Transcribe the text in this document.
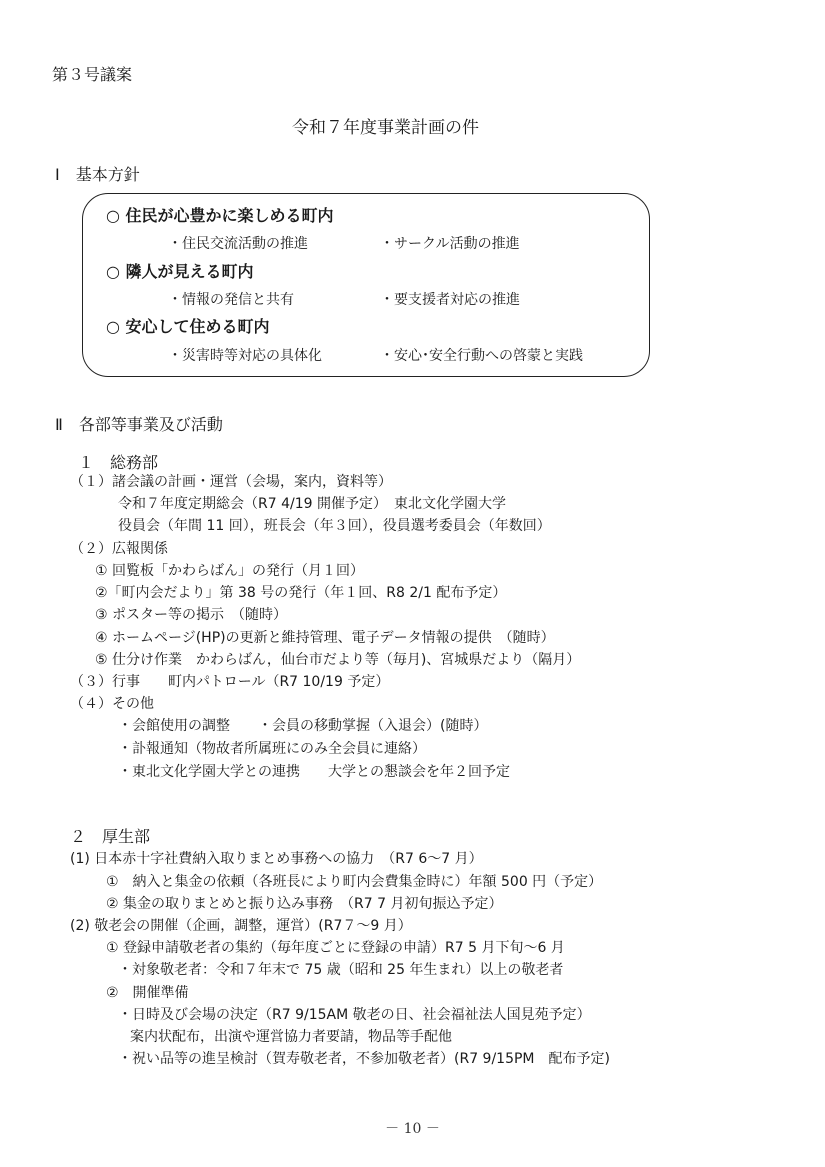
第３号議案
令和７年度事業計画の件
Ⅰ　基本方針
○ 住民が心豊かに楽しめる町内
・住民交流活動の推進	・サークル活動の推進
○ 隣人が見える町内
・情報の発信と共有	・要支援者対応の推進
○ 安心して住める町内
・災害時等対応の具体化	・安心･安全行動への啓蒙と実践
Ⅱ　各部等事業及び活動
１　総務部
（１）諸会議の計画・運営（会場，案内，資料等）
令和７年度定期総会（R7 4/19 開催予定）　東北文化学園大学
役員会（年間 11 回），班長会（年３回），役員選考委員会（年数回）
（２）広報関係
① 回覧板「かわらばん」の発行（月１回）
②「町内会だより」第 38 号の発行（年１回、R8 2/1 配布予定）
③ ポスター等の掲示　（随時）
④ ホームページ(HP)の更新と維持管理、電子データ情報の提供　（随時）
⑤ 仕分け作業　かわらばん，仙台市だより等（毎月)、宮城県だより（隔月）
（３）行事　　町内パトロール（R7 10/19 予定）
（４）その他
・会館使用の調整　　・会員の移動掌握（入退会）(随時）
・訃報通知（物故者所属班にのみ全会員に連絡）
・東北文化学園大学との連携　　大学との懇談会を年２回予定
２　厚生部
(1) 日本赤十字社費納入取りまとめ事務への協力　（R7 6～7 月）
①　納入と集金の依頼（各班長により町内会費集金時に）年額 500 円（予定）
② 集金の取りまとめと振り込み事務　（R7 7 月初旬振込予定）
(2) 敬老会の開催（企画，調整，運営）(R7７～9 月）
① 登録申請敬老者の集約（毎年度ごとに登録の申請）R7 5 月下旬～6 月
・対象敬老者：令和７年末で 75 歳（昭和 25 年生まれ）以上の敬老者
②　開催準備
・日時及び会場の決定（R7 9/15AM 敬老の日、社会福祉法人国見苑予定）
案内状配布，出演や運営協力者要請，物品等手配他
・祝い品等の進呈検討（賀寿敬老者，不参加敬老者）(R7 9/15PM　配布予定)
－ 10 －
